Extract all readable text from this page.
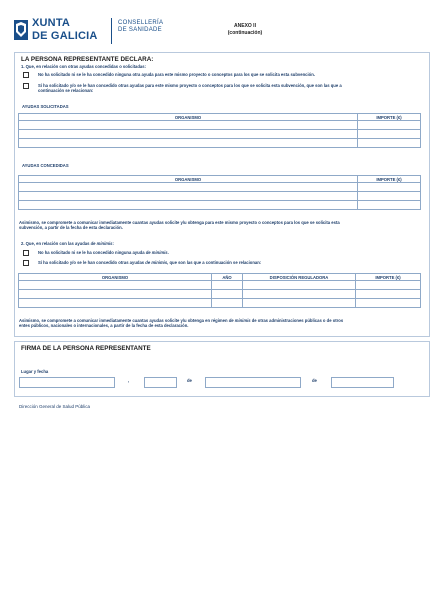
XUNTA
DE GALICIA
CONSELLERÍA
DE SANIDADE
ANEXO II
(continuación)
LA PERSONA REPRESENTANTE DECLARA:
1. Que, en relación con otras ayudas concedidas o solicitadas:
No ha solicitado ni se le ha concedido ninguna otra ayuda para este mismo proyecto o conceptos para los que se solicita esta subvención.
Sí ha solicitado y/o se le han concedido otras ayudas para este mismo proyecto o conceptos para los que se solicita esta subvención, que son las que a
continuación se relacionan:
AYUDAS SOLICITADAS
ORGANISMO	IMPORTE (€)

AYUDAS CONCEDIDAS
ORGANISMO	IMPORTE (€)

Asimismo, se compromete a comunicar inmediatamente cuantas ayudas solicite y/u obtenga para este mismo proyecto o conceptos para los que se solicita esta
subvención, a partir de la fecha de esta declaración.
2. Que, en relación con las ayudas de minimis:
No ha solicitado ni se le ha concedido ninguna ayuda de minimis.
Sí ha solicitado y/o se le han concedido otras ayudas de minimis, que son las que a continuación se relacionan:
ORGANISMO	AÑO	DISPOSICIÓN REGULADORA	IMPORTE (€)

Asimismo, se compromete a comunicar inmediatamente cuantas ayudas solicite y/u obtenga en régimen de minimis de otras administraciones públicas o de otros
entes públicos, nacionales o internacionales, a partir de la fecha de esta declaración.
FIRMA DE LA PERSONA REPRESENTANTE
Lugar y fecha
,	de	de
Dirección General de Salud Pública
